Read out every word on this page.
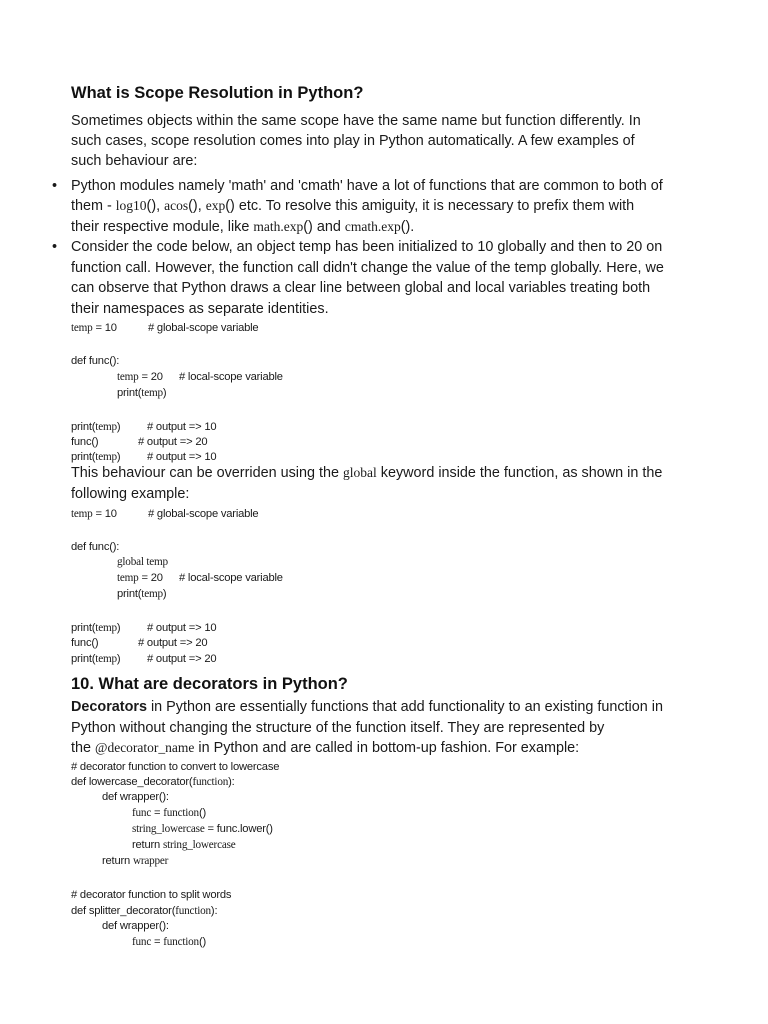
What is Scope Resolution in Python?
Sometimes objects within the same scope have the same name but function differently. In
such cases, scope resolution comes into play in Python automatically. A few examples of
such behaviour are:
• Python modules namely 'math' and 'cmath' have a lot of functions that are common to both of
them - log10(), acos(), exp() etc. To resolve this amiguity, it is necessary to prefix them with
their respective module, like math.exp() and cmath.exp().
• Consider the code below, an object temp has been initialized to 10 globally and then to 20 on
function call. However, the function call didn't change the value of the temp globally. Here, we
can observe that Python draws a clear line between global and local variables treating both
their namespaces as separate identities.
temp = 10	# global-scope variable
def func():
temp = 20 # local-scope variable
print(temp)
print(temp) # output => 10
func()	# output => 20
print(temp) # output => 10
This behaviour can be overriden using the global keyword inside the function, as shown in the
following example:
temp = 10	# global-scope variable
def func():
global temp
temp = 20 # local-scope variable
print(temp)
print(temp) # output => 10
func()	# output => 20
print(temp) # output => 20
10. What are decorators in Python?
Decorators in Python are essentially functions that add functionality to an existing function in
Python without changing the structure of the function itself. They are represented by
the @decorator_name in Python and are called in bottom-up fashion. For example:
# decorator function to convert to lowercase
def lowercase_decorator(function):
def wrapper():
func = function()
string_lowercase = func.lower()
return string_lowercase
return wrapper
# decorator function to split words
def splitter_decorator(function):
def wrapper():
func = function()
